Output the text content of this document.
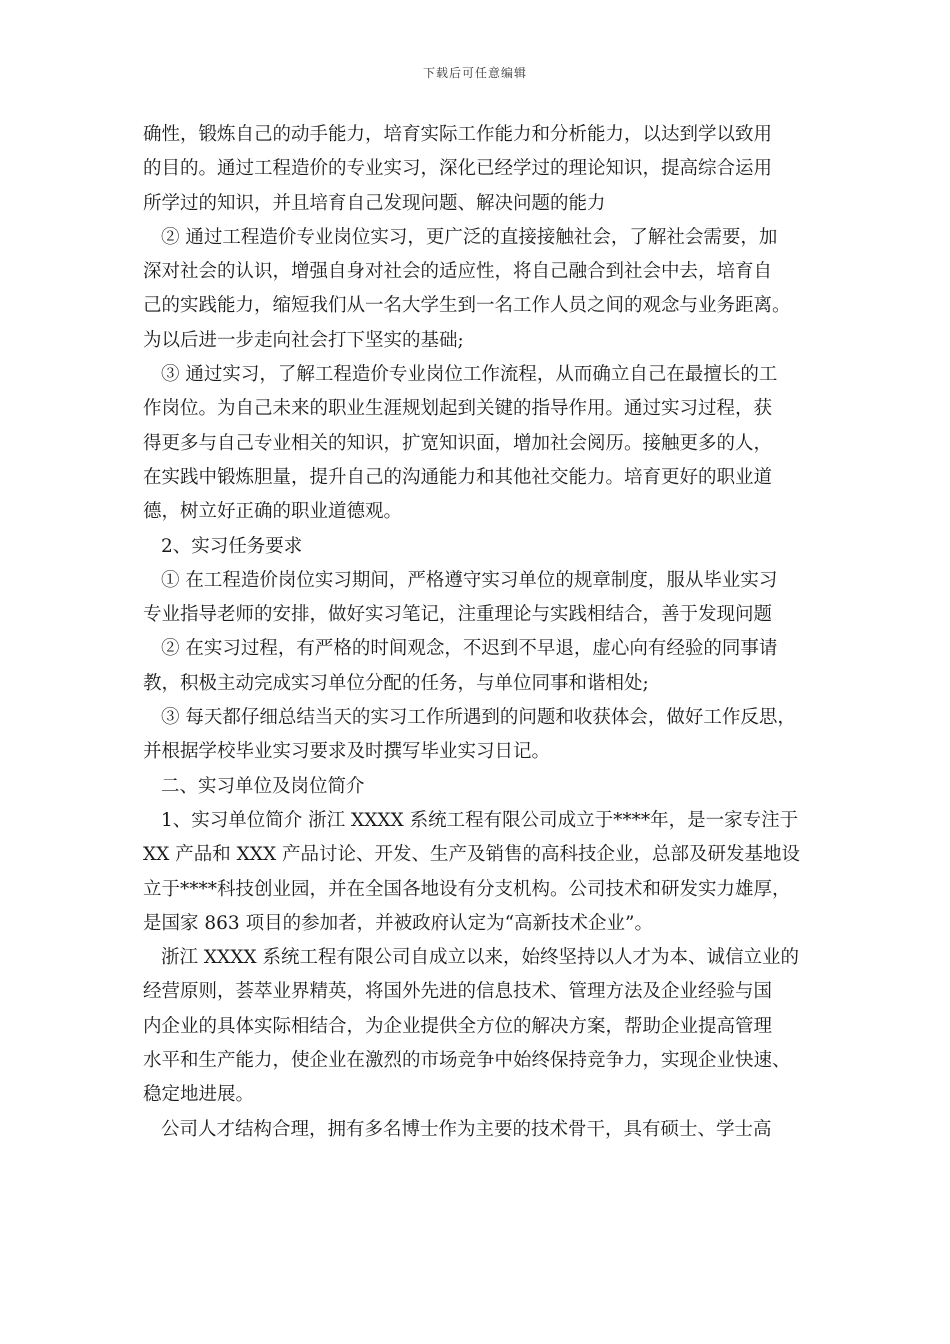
下载后可任意编辑
确性，锻炼自己的动手能力，培育实际工作能力和分析能力，以达到学以致用
的目的。通过工程造价的专业实习，深化已经学过的理论知识，提高综合运用
所学过的知识，并且培育自己发现问题、解决问题的能力
② 通过工程造价专业岗位实习，更广泛的直接接触社会，了解社会需要，加
深对社会的认识，增强自身对社会的适应性，将自己融合到社会中去，培育自
己的实践能力，缩短我们从一名大学生到一名工作人员之间的观念与业务距离。
为以后进一步走向社会打下坚实的基础;
③ 通过实习，了解工程造价专业岗位工作流程，从而确立自己在最擅长的工
作岗位。为自己未来的职业生涯规划起到关键的指导作用。通过实习过程，获
得更多与自己专业相关的知识，扩宽知识面，增加社会阅历。接触更多的人，
在实践中锻炼胆量，提升自己的沟通能力和其他社交能力。培育更好的职业道
德，树立好正确的职业道德观。
2、实习任务要求
① 在工程造价岗位实习期间，严格遵守实习单位的规章制度，服从毕业实习
专业指导老师的安排，做好实习笔记，注重理论与实践相结合，善于发现问题
② 在实习过程，有严格的时间观念，不迟到不早退，虚心向有经验的同事请
教，积极主动完成实习单位分配的任务，与单位同事和谐相处;
③ 每天都仔细总结当天的实习工作所遇到的问题和收获体会，做好工作反思，
并根据学校毕业实习要求及时撰写毕业实习日记。
二、实习单位及岗位简介
1、实习单位简介 浙江 XXXX 系统工程有限公司成立于****年，是一家专注于
XX 产品和 XXX 产品讨论、开发、生产及销售的高科技企业，总部及研发基地设
立于****科技创业园，并在全国各地设有分支机构。公司技术和研发实力雄厚，
是国家 863 项目的参加者，并被政府认定为“高新技术企业”。
浙江 XXXX 系统工程有限公司自成立以来，始终坚持以人才为本、诚信立业的
经营原则，荟萃业界精英，将国外先进的信息技术、管理方法及企业经验与国
内企业的具体实际相结合，为企业提供全方位的解决方案，帮助企业提高管理
水平和生产能力，使企业在激烈的市场竞争中始终保持竞争力，实现企业快速、
稳定地进展。
公司人才结构合理，拥有多名博士作为主要的技术骨干，具有硕士、学士高
